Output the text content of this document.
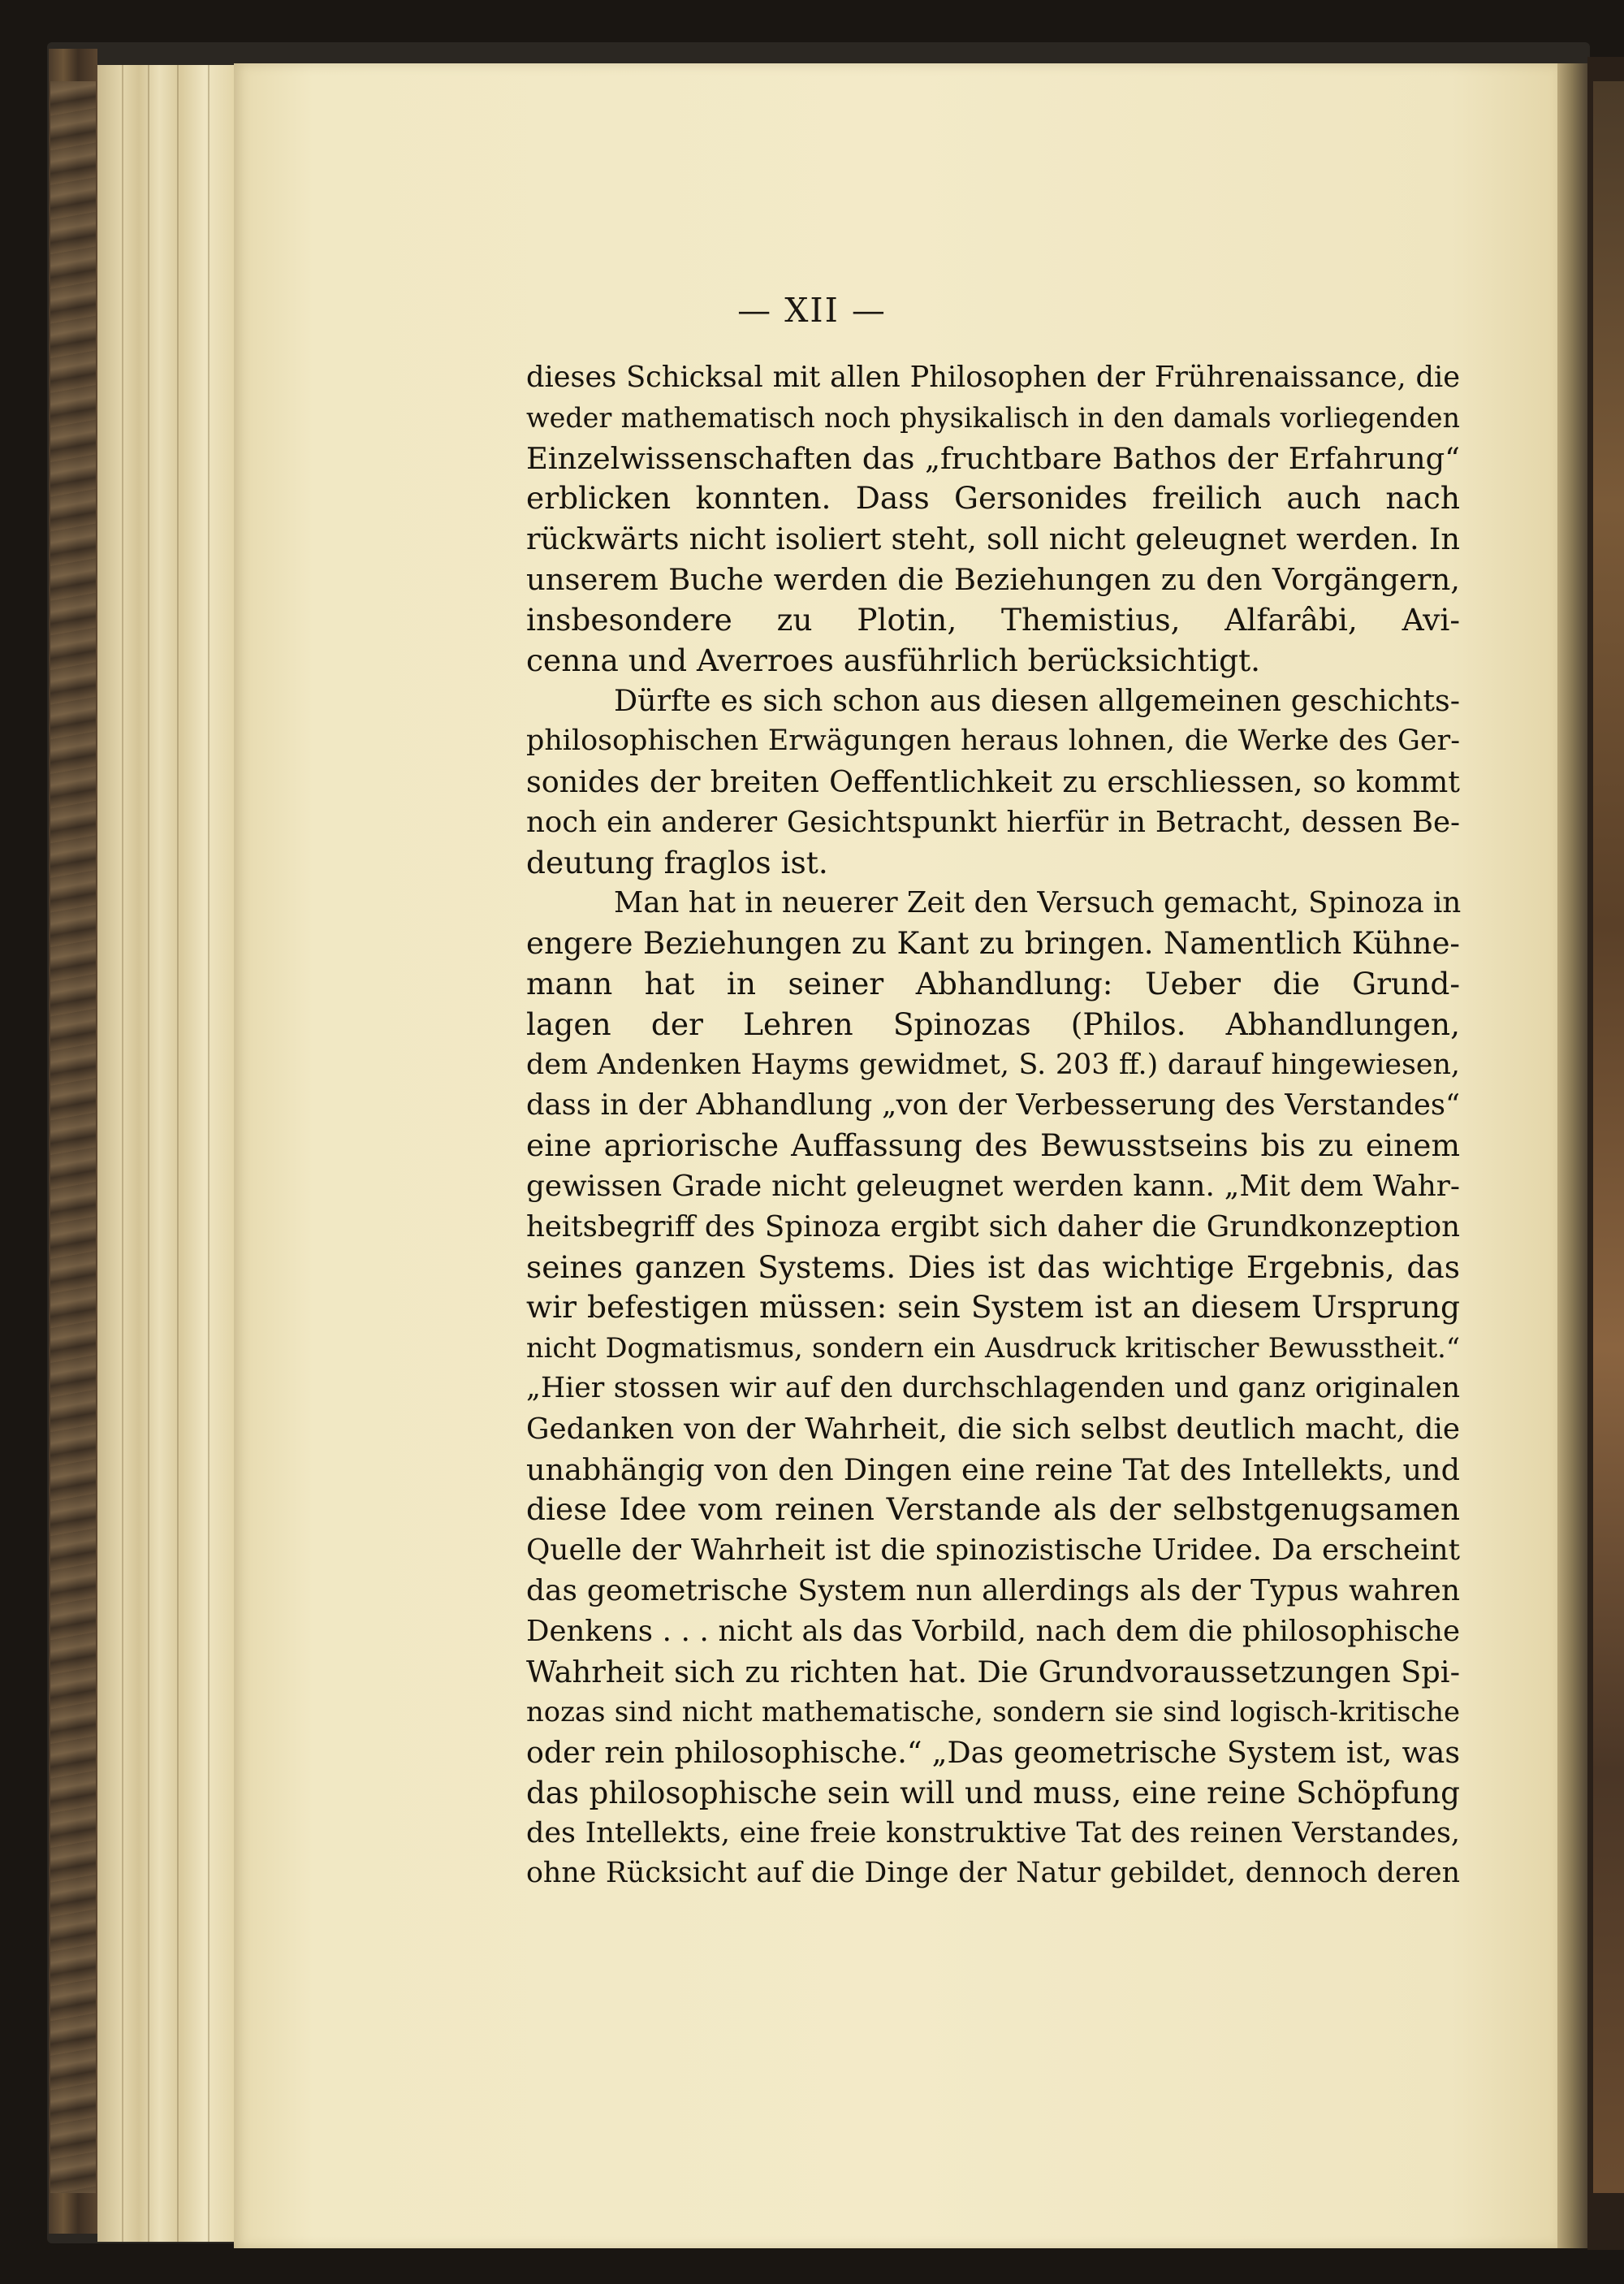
— XII —
dieses Schicksal mit allen Philosophen der Frührenaissance, die
weder mathematisch noch physikalisch in den damals vorliegenden
Einzelwissenschaften das „fruchtbare Bathos der Erfahrung“
erblicken konnten. Dass Gersonides freilich auch nach
rückwärts nicht isoliert steht, soll nicht geleugnet werden. In
unserem Buche werden die Beziehungen zu den Vorgängern,
insbesondere zu Plotin, Themistius, Alfarâbi, Avi-
cenna und Averroes ausführlich berücksichtigt.
Dürfte es sich schon aus diesen allgemeinen geschichts-
philosophischen Erwägungen heraus lohnen, die Werke des Ger-
sonides der breiten Oeffentlichkeit zu erschliessen, so kommt
noch ein anderer Gesichtspunkt hierfür in Betracht, dessen Be-
deutung fraglos ist.
Man hat in neuerer Zeit den Versuch gemacht, Spinoza in
engere Beziehungen zu Kant zu bringen. Namentlich Kühne-
mann hat in seiner Abhandlung: Ueber die Grund-
lagen der Lehren Spinozas (Philos. Abhandlungen,
dem Andenken Hayms gewidmet, S. 203 ff.) darauf hingewiesen,
dass in der Abhandlung „von der Verbesserung des Verstandes“
eine apriorische Auffassung des Bewusstseins bis zu einem
gewissen Grade nicht geleugnet werden kann. „Mit dem Wahr-
heitsbegriff des Spinoza ergibt sich daher die Grundkonzeption
seines ganzen Systems. Dies ist das wichtige Ergebnis, das
wir befestigen müssen: sein System ist an diesem Ursprung
nicht Dogmatismus, sondern ein Ausdruck kritischer Bewusstheit.“
„Hier stossen wir auf den durchschlagenden und ganz originalen
Gedanken von der Wahrheit, die sich selbst deutlich macht, die
unabhängig von den Dingen eine reine Tat des Intellekts, und
diese Idee vom reinen Verstande als der selbstgenugsamen
Quelle der Wahrheit ist die spinozistische Uridee. Da erscheint
das geometrische System nun allerdings als der Typus wahren
Denkens . . . nicht als das Vorbild, nach dem die philosophische
Wahrheit sich zu richten hat. Die Grundvoraussetzungen Spi-
nozas sind nicht mathematische, sondern sie sind logisch-kritische
oder rein philosophische.“ „Das geometrische System ist, was
das philosophische sein will und muss, eine reine Schöpfung
des Intellekts, eine freie konstruktive Tat des reinen Verstandes,
ohne Rücksicht auf die Dinge der Natur gebildet, dennoch deren
